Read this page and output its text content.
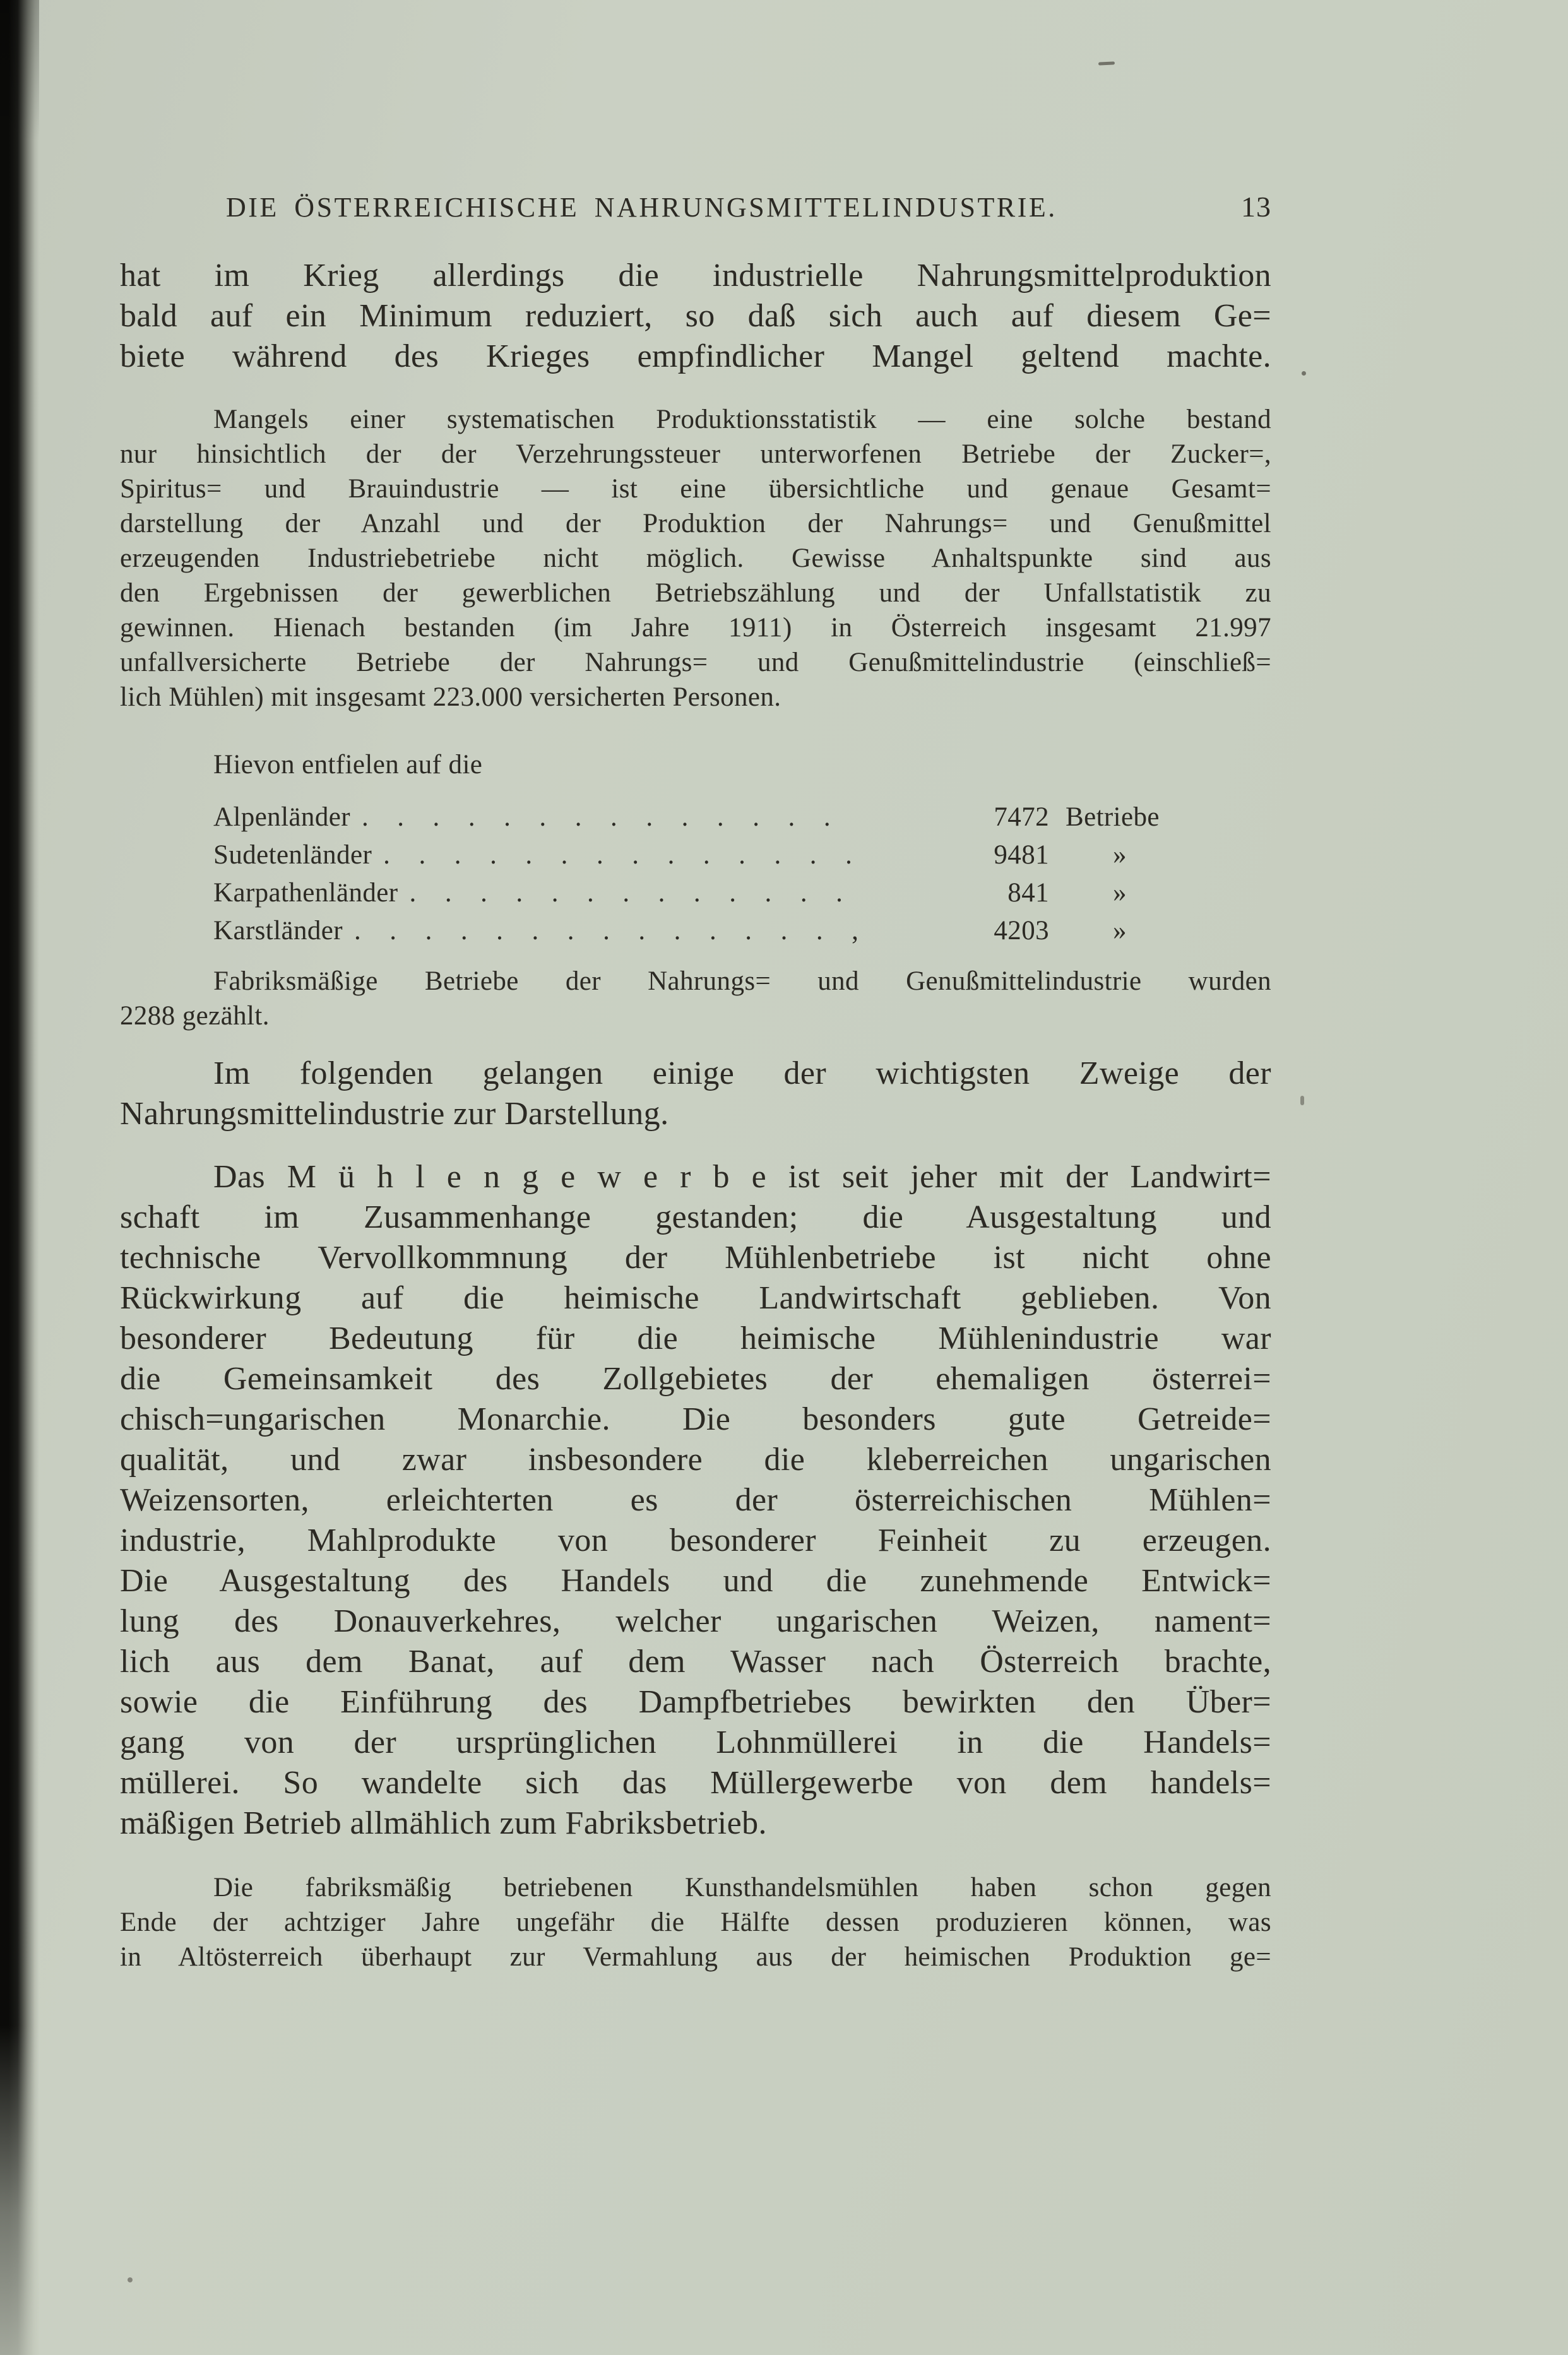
DIE ÖSTERREICHISCHE NAHRUNGSMITTELINDUSTRIE.	13
hat im Krieg allerdings die industrielle Nahrungsmittelproduktion
bald auf ein Minimum reduziert, so daß sich auch auf diesem Ge=
biete während des Krieges empfindlicher Mangel geltend machte.
Mangels einer systematischen Produktionsstatistik — eine solche bestand
nur hinsichtlich der der Verzehrungssteuer unterworfenen Betriebe der Zucker=,
Spiritus= und Brauindustrie — ist eine übersichtliche und genaue Gesamt=
darstellung der Anzahl und der Produktion der Nahrungs= und Genußmittel
erzeugenden Industriebetriebe nicht möglich. Gewisse Anhaltspunkte sind aus
den Ergebnissen der gewerblichen Betriebszählung und der Unfallstatistik zu
gewinnen. Hienach bestanden (im Jahre 1911) in Österreich insgesamt 21.997
unfallversicherte Betriebe der Nahrungs= und Genußmittelindustrie (einschließ=
lich Mühlen) mit insgesamt 223.000 versicherten Personen.
Hievon entfielen auf die
Alpenländer . . . . . . . . . . . . . .	7472 Betriebe
Sudetenländer . . . . . . . . . . . . . .	9481 »
Karpathenländer . . . . . . . . . . . . .	841 »
Karstländer . . . . . . . . . . . . . . ,	4203 »
Fabriksmäßige Betriebe der Nahrungs= und Genußmittelindustrie wurden
2288 gezählt.
Im folgenden gelangen einige der wichtigsten Zweige der
Nahrungsmittelindustrie zur Darstellung.
Das M ü h l e n g e w e r b e ist seit jeher mit der Landwirt=
schaft im Zusammenhange gestanden; die Ausgestaltung und
technische Vervollkommnung der Mühlenbetriebe ist nicht ohne
Rückwirkung auf die heimische Landwirtschaft geblieben. Von
besonderer Bedeutung für die heimische Mühlenindustrie war
die Gemeinsamkeit des Zollgebietes der ehemaligen österrei=
chisch=ungarischen Monarchie. Die besonders gute Getreide=
qualität, und zwar insbesondere die kleberreichen ungarischen
Weizensorten, erleichterten es der österreichischen Mühlen=
industrie, Mahlprodukte von besonderer Feinheit zu erzeugen.
Die Ausgestaltung des Handels und die zunehmende Entwick=
lung des Donauverkehres, welcher ungarischen Weizen, nament=
lich aus dem Banat, auf dem Wasser nach Österreich brachte,
sowie die Einführung des Dampfbetriebes bewirkten den Über=
gang von der ursprünglichen Lohnmüllerei in die Handels=
müllerei. So wandelte sich das Müllergewerbe von dem handels=
mäßigen Betrieb allmählich zum Fabriksbetrieb.
Die fabriksmäßig betriebenen Kunsthandelsmühlen haben schon gegen
Ende der achtziger Jahre ungefähr die Hälfte dessen produzieren können, was
in Altösterreich überhaupt zur Vermahlung aus der heimischen Produktion ge=
